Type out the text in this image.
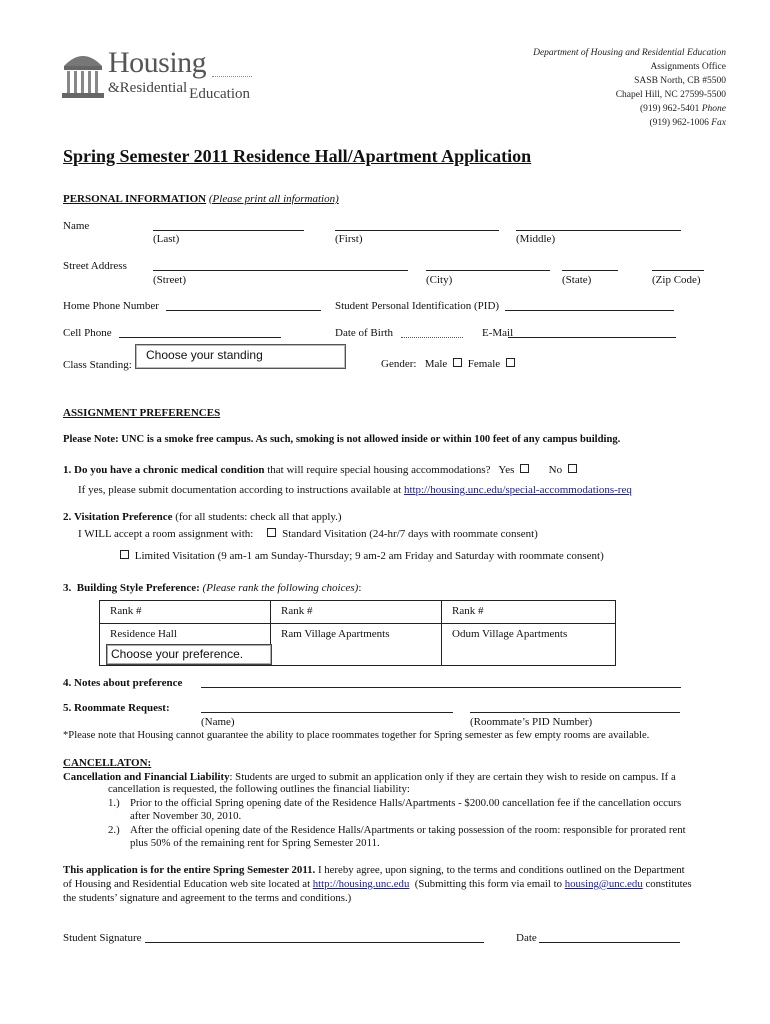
Housing
&Residential Education
Department of Housing and Residential Education
Assignments Office
SASB North, CB #5500
Chapel Hill, NC 27599-5500
(919) 962-5401 Phone
(919) 962-1006 Fax
Spring Semester 2011 Residence Hall/Apartment Application
PERSONAL INFORMATION (Please print all information)
Name
(Last)	(First)	(Middle)
Street Address
(Street)	(City)	(State)	(Zip Code)
Home Phone Number	Student Personal Identification (PID)
Cell Phone	Date of Birth	E-Mail
Class Standing:
Choose your standing
Gender: Male Female
ASSIGNMENT PREFERENCES
Please Note: UNC is a smoke free campus. As such, smoking is not allowed inside or within 100 feet of any campus building.
1. Do you have a chronic medical condition that will require special housing accommodations? Yes	No
If yes, please submit documentation according to instructions available at http://housing.unc.edu/special-accommodations-req
2. Visitation Preference (for all students: check all that apply.)
I WILL accept a room assignment with:	Standard Visitation (24-hr/7 days with roommate consent)
Limited Visitation (9 am-1 am Sunday-Thursday; 9 am-2 am Friday and Saturday with roommate consent)
3. Building Style Preference: (Please rank the following choices):
Rank #	Rank #	Rank #
Residence Hall	Ram Village Apartments	Odum Village Apartments
Choose your preference.
4. Notes about preference
5. Roommate Request:
(Name)	(Roommate’s PID Number)
*Please note that Housing cannot guarantee the ability to place roommates together for Spring semester as few empty rooms are available.
CANCELLATON:
Cancellation and Financial Liability: Students are urged to submit an application only if they are certain they wish to reside on campus. If a
cancellation is requested, the following outlines the financial liability:
1.) Prior to the official Spring opening date of the Residence Halls/Apartments - $200.00 cancellation fee if the cancellation occurs
after November 30, 2010.
2.) After the official opening date of the Residence Halls/Apartments or taking possession of the room: responsible for prorated rent
plus 50% of the remaining rent for Spring Semester 2011.
This application is for the entire Spring Semester 2011. I hereby agree, upon signing, to the terms and conditions outlined on the Department
of Housing and Residential Education web site located at http://housing.unc.edu (Submitting this form via email to housing@unc.edu constitutes
the students’ signature and agreement to the terms and conditions.)
Student Signature	Date
